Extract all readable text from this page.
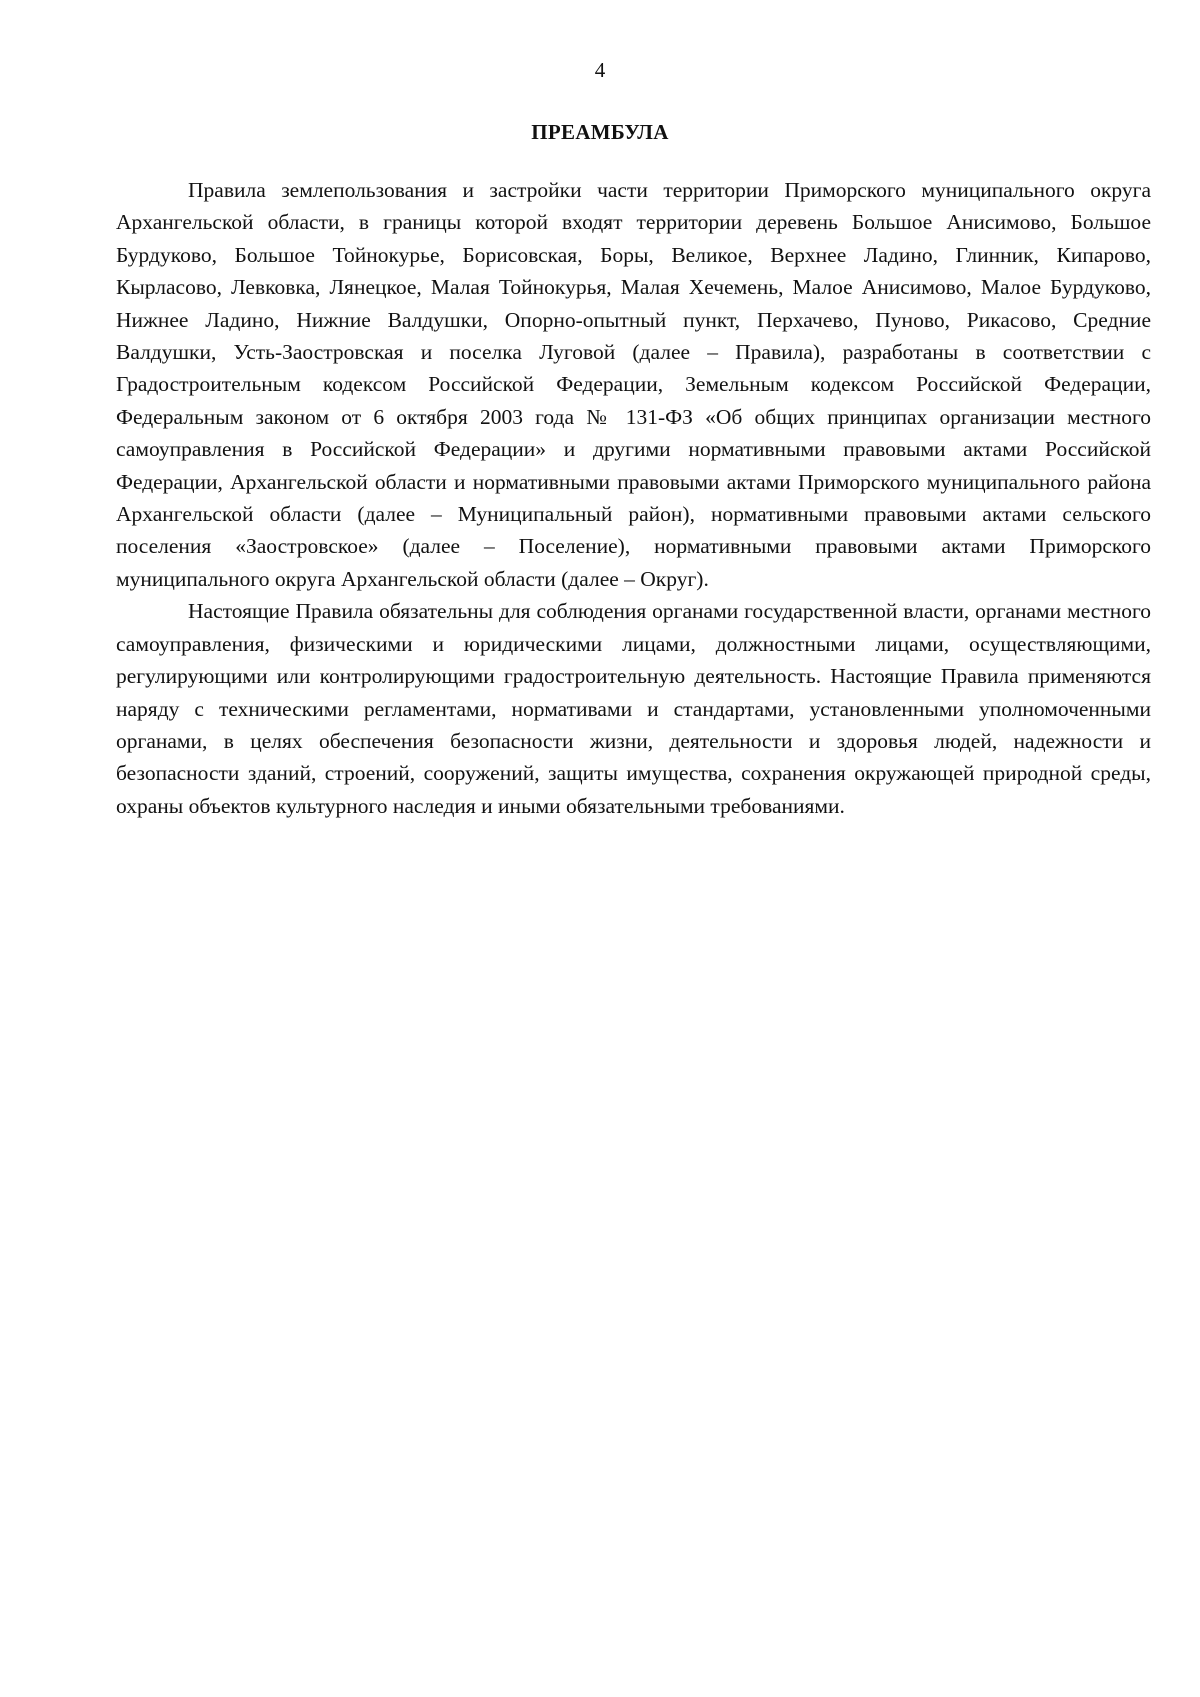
4
ПРЕАМБУЛА

Правила землепользования и застройки части территории Приморского муниципального округа Архангельской области, в границы которой входят территории деревень Большое Анисимово, Большое Бурдуково, Большое Тойнокурье, Борисовская, Боры, Великое, Верхнее Ладино, Глинник, Кипарово, Кырласово, Левковка, Лянецкое, Малая Тойнокурья, Малая Хечемень, Малое Анисимово, Малое Бурдуково, Нижнее Ладино, Нижние Валдушки, Опорно-опытный пункт, Перхачево, Пуново, Рикасово, Средние Валдушки, Усть-Заостровская и поселка Луговой (далее – Правила), разработаны в соответствии с Градостроительным кодексом Российской Федерации, Земельным кодексом Российской Федерации, Федеральным законом от 6 октября 2003 года № 131-ФЗ «Об общих принципах организации местного самоуправления в Российской Федерации» и другими нормативными правовыми актами Российской Федерации, Архангельской области и нормативными правовыми актами Приморского муниципального района Архангельской области (далее – Муниципальный район), нормативными правовыми актами сельского поселения «Заостровское» (далее – Поселение), нормативными правовыми актами Приморского муниципального округа Архангельской области (далее – Округ).

Настоящие Правила обязательны для соблюдения органами государственной власти, органами местного самоуправления, физическими и юридическими лицами, должностными лицами, осуществляющими, регулирующими или контролирующими градостроительную деятельность. Настоящие Правила применяются наряду с техническими регламентами, нормативами и стандартами, установленными уполномоченными органами, в целях обеспечения безопасности жизни, деятельности и здоровья людей, надежности и безопасности зданий, строений, сооружений, защиты имущества, сохранения окружающей природной среды, охраны объектов культурного наследия и иными обязательными требованиями.
